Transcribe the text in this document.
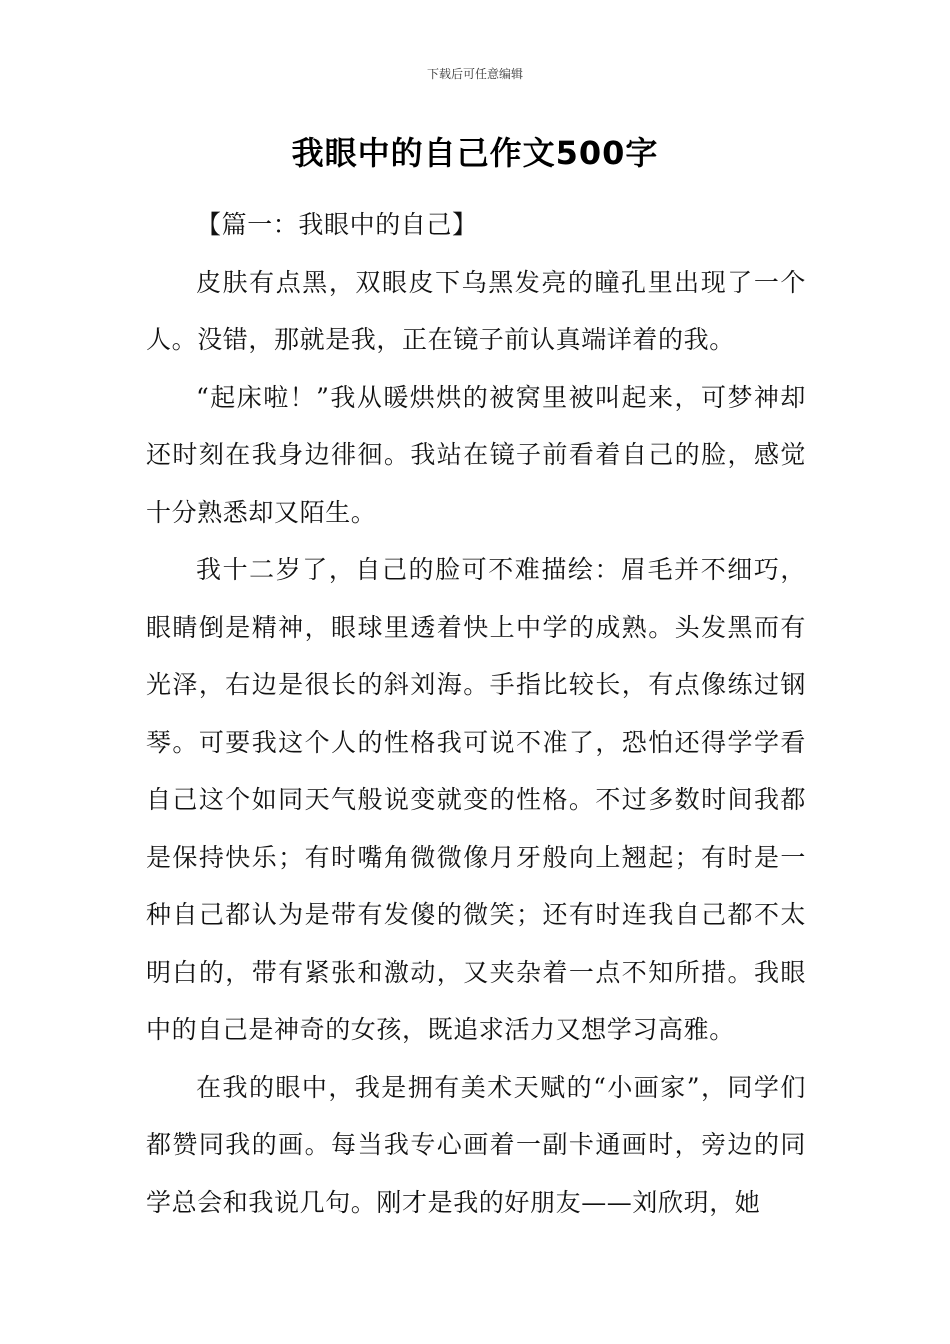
下载后可任意编辑
我眼中的自己作文500字

【篇一：我眼中的自己】

皮肤有点黑，双眼皮下乌黑发亮的瞳孔里出现了一个人。没错，那就是我，正在镜子前认真端详着的我。

“起床啦！”我从暖烘烘的被窝里被叫起来，可梦神却还时刻在我身边徘徊。我站在镜子前看着自己的脸，感觉十分熟悉却又陌生。

我十二岁了，自己的脸可不难描绘：眉毛并不细巧，眼睛倒是精神，眼球里透着快上中学的成熟。头发黑而有光泽，右边是很长的斜刘海。手指比较长，有点像练过钢琴。可要我这个人的性格我可说不准了，恐怕还得学学看自己这个如同天气般说变就变的性格。不过多数时间我都是保持快乐；有时嘴角微微像月牙般向上翘起；有时是一种自己都认为是带有发傻的微笑；还有时连我自己都不太明白的，带有紧张和激动，又夹杂着一点不知所措。我眼中的自己是神奇的女孩，既追求活力又想学习高雅。

在我的眼中，我是拥有美术天赋的“小画家”，同学们都赞同我的画。每当我专心画着一副卡通画时，旁边的同学总会和我说几句。刚才是我的好朋友——刘欣玥，她
